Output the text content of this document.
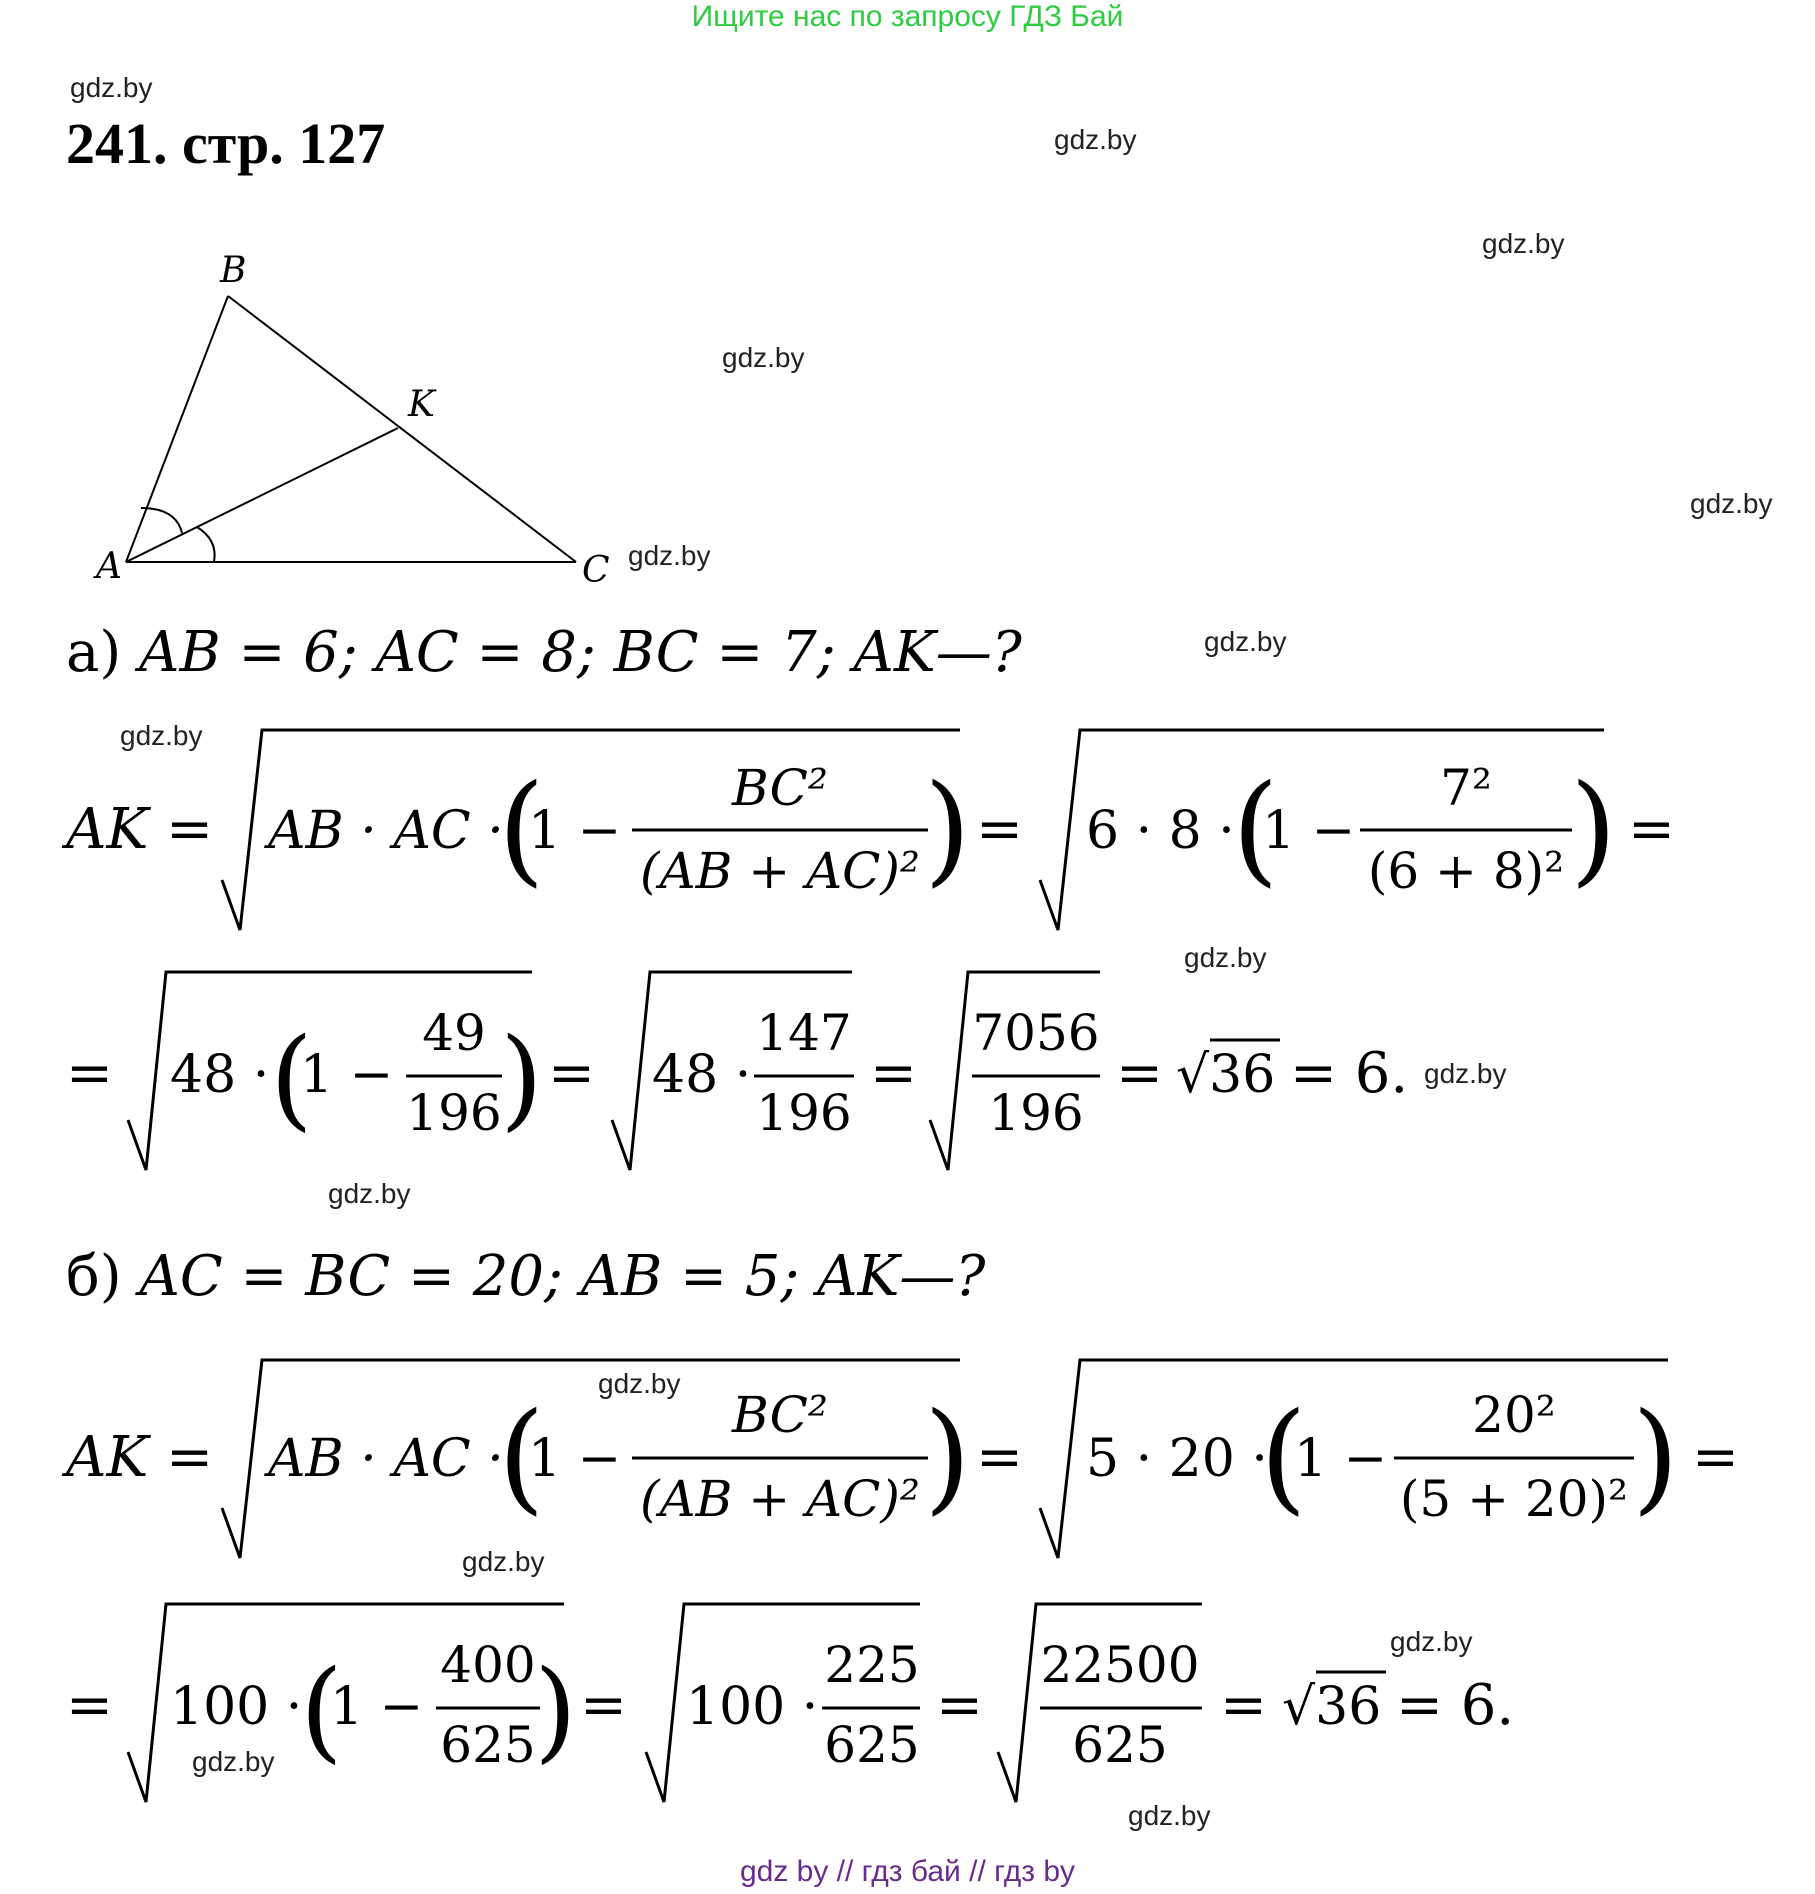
Ищите нас по запросу ГДЗ Бай
gdz.by
gdz.by
gdz.by
gdz.by
gdz.by
gdz.by
gdz.by
gdz.by
gdz.by
gdz.by
gdz.by
gdz.by
gdz.by
gdz.by
gdz.by
gdz.by
241. стр. 127
A
B
C
K
а) AB = 6; AC = 8; BC = 7; AK—?
AK = AB · AC ·
(
1 −
BC²
(AB + AC)² ) = 6 · 8 ·
(
1 −
7²
(6 + 8)² ) =
= 48 · (
1 −
49
196
) = 48 ·
147
196
=
7056
196
= √36 = 6.
б) AC = BC = 20; AB = 5; AK—?
AK = AB · AC ·
(
1 −
BC²
(AB + AC)² ) = 5 · 20 ·
(
1 −
20²
(5 + 20)² ) =
= 100 ·
(
1 −
400
625
) = 100 ·
225
625
=
22500
625
= √36 = 6.
gdz by // гдз бай // гдз by
